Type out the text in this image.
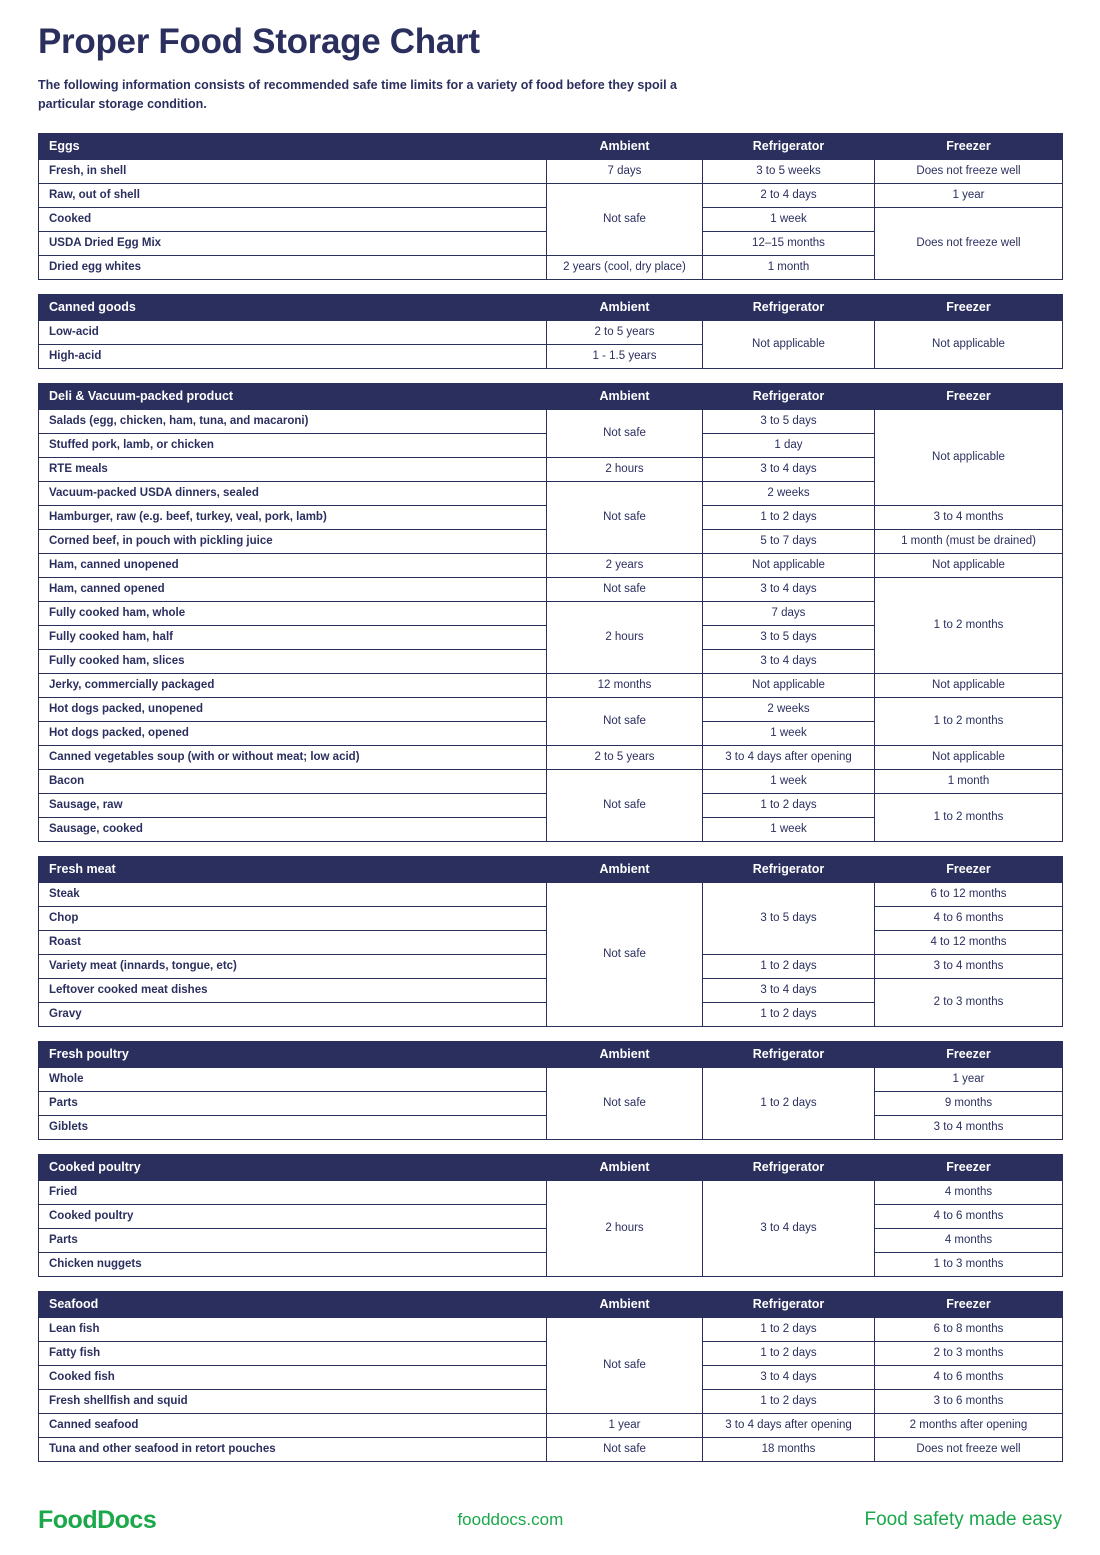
Proper Food Storage Chart

The following information consists of recommended safe time limits for a variety of food before they spoil a particular storage condition.

Eggs	Ambient	Refrigerator	Freezer
Fresh, in shell	7 days	3 to 5 weeks	Does not freeze well
Raw, out of shell	Not safe	2 to 4 days	1 year
Cooked		1 week	Does not freeze well
USDA Dried Egg Mix		12–15 months	
Dried egg whites	2 years (cool, dry place)	1 month	
Canned goods	Ambient	Refrigerator	Freezer
Low-acid	2 to 5 years	Not applicable	Not applicable
High-acid	1 - 1.5 years		
Deli & Vacuum-packed product	Ambient	Refrigerator	Freezer
Salads (egg, chicken, ham, tuna, and macaroni)	Not safe	3 to 5 days	Not applicable
Stuffed pork, lamb, or chicken		1 day	
RTE meals	2 hours	3 to 4 days	
Vacuum-packed USDA dinners, sealed	Not safe	2 weeks	
Hamburger, raw (e.g. beef, turkey, veal, pork, lamb)		1 to 2 days	3 to 4 months
Corned beef, in pouch with pickling juice		5 to 7 days	1 month (must be drained)
Ham, canned unopened	2 years	Not applicable	Not applicable
Ham, canned opened	Not safe	3 to 4 days	1 to 2 months
Fully cooked ham, whole	2 hours	7 days	
Fully cooked ham, half		3 to 5 days	
Fully cooked ham, slices		3 to 4 days	
Jerky, commercially packaged	12 months	Not applicable	Not applicable
Hot dogs packed, unopened	Not safe	2 weeks	1 to 2 months
Hot dogs packed, opened		1 week	
Canned vegetables soup (with or without meat; low acid)	2 to 5 years	3 to 4 days after opening	Not applicable
Bacon	Not safe	1 week	1 month
Sausage, raw		1 to 2 days	1 to 2 months
Sausage, cooked		1 week	
Fresh meat	Ambient	Refrigerator	Freezer
Steak	Not safe	3 to 5 days	6 to 12 months
Chop			4 to 6 months
Roast			4 to 12 months
Variety meat (innards, tongue, etc)		1 to 2 days	3 to 4 months
Leftover cooked meat dishes		3 to 4 days	2 to 3 months
Gravy		1 to 2 days	
Fresh poultry	Ambient	Refrigerator	Freezer
Whole	Not safe	1 to 2 days	1 year
Parts			9 months
Giblets			3 to 4 months
Cooked poultry	Ambient	Refrigerator	Freezer
Fried	2 hours	3 to 4 days	4 months
Cooked poultry			4 to 6 months
Parts			4 months
Chicken nuggets			1 to 3 months
Seafood	Ambient	Refrigerator	Freezer
Lean fish	Not safe	1 to 2 days	6 to 8 months
Fatty fish		1 to 2 days	2 to 3 months
Cooked fish		3 to 4 days	4 to 6 months
Fresh shellfish and squid		1 to 2 days	3 to 6 months
Canned seafood	1 year	3 to 4 days after opening	2 months after opening
Tuna and other seafood in retort pouches	Not safe	18 months	Does not freeze well
FoodDocs	fooddocs.com	Food safety made easy
